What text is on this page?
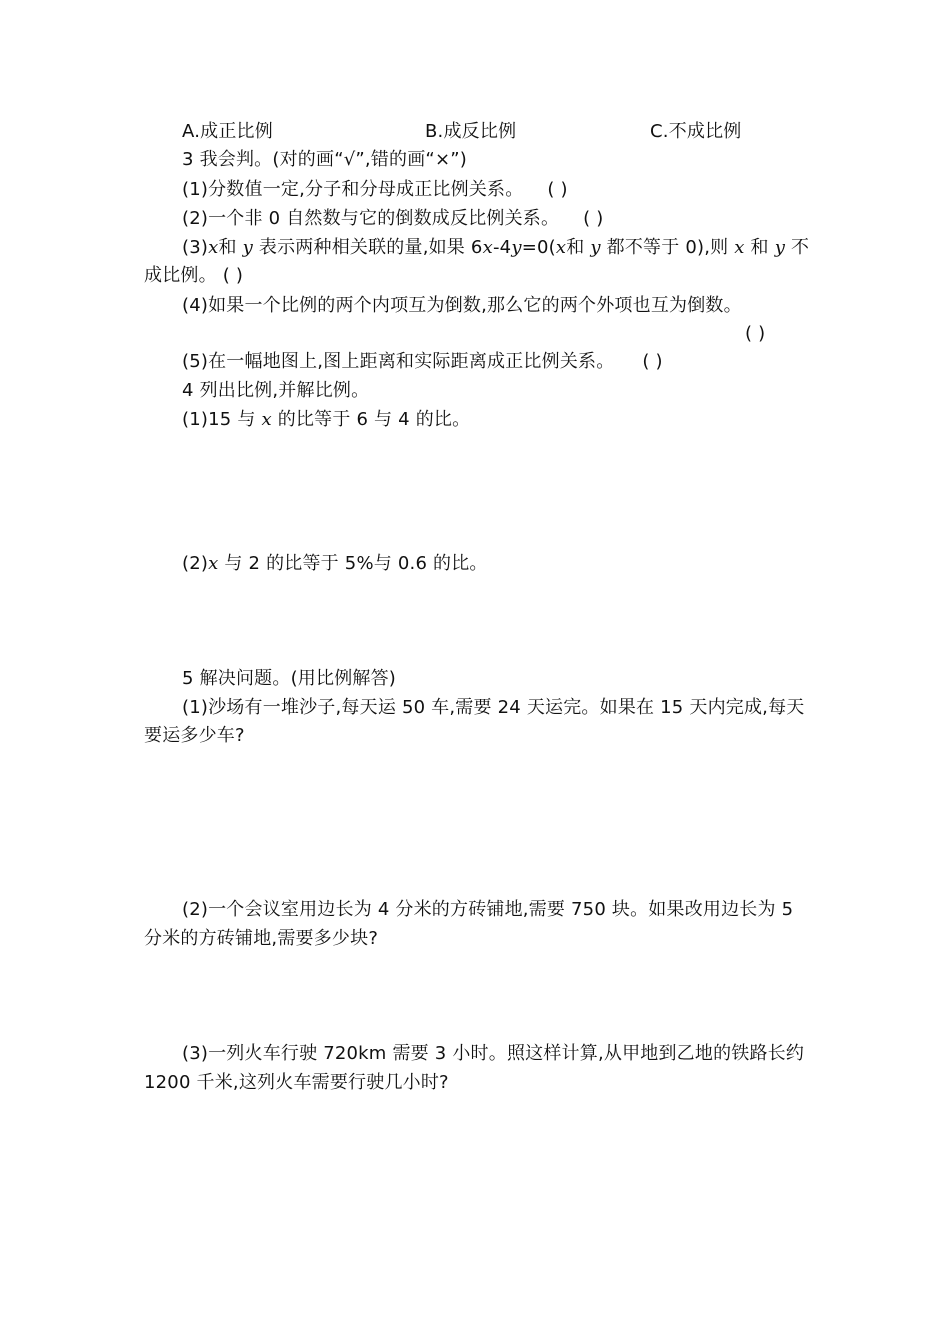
A.成正比例	B.成反比例	C.不成比例
3 我会判。(对的画“√”,错的画“×”)
(1)分数值一定,分子和分母成正比例关系。 ( )
(2)一个非 0 自然数与它的倒数成反比例关系。 ( )
(3)x和 y 表示两种相关联的量,如果 6x-4y=0(x和 y 都不等于 0),则 x 和 y 不
成比例。 ( )
(4)如果一个比例的两个内项互为倒数,那么它的两个外项也互为倒数。
( )
(5)在一幅地图上,图上距离和实际距离成正比例关系。 ( )
4 列出比例,并解比例。
(1)15 与 x 的比等于 6 与 4 的比。
(2)x 与 2 的比等于 5%与 0.6 的比。
5 解决问题。(用比例解答)
(1)沙场有一堆沙子,每天运 50 车,需要 24 天运完。如果在 15 天内完成,每天
要运多少车?
(2)一个会议室用边长为 4 分米的方砖铺地,需要 750 块。如果改用边长为 5
分米的方砖铺地,需要多少块?
(3)一列火车行驶 720km 需要 3 小时。照这样计算,从甲地到乙地的铁路长约
1200 千米,这列火车需要行驶几小时?
